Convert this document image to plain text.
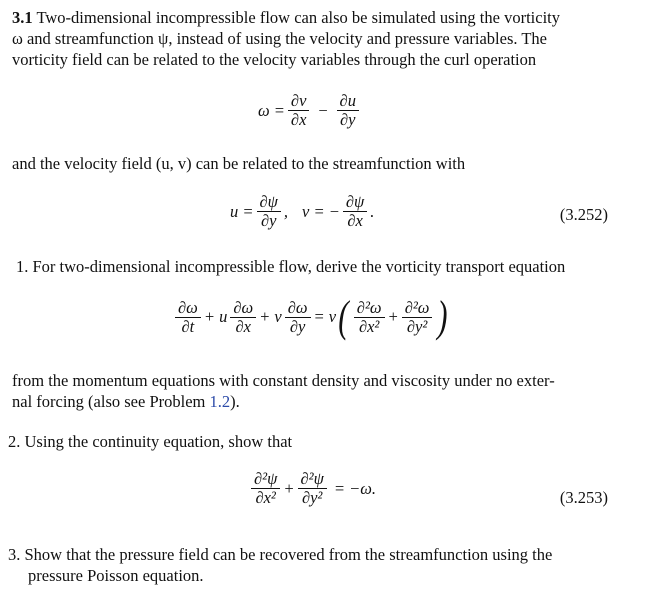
3.1 Two-dimensional incompressible flow can also be simulated using the vorticity
ω and streamfunction ψ, instead of using the velocity and pressure variables. The
vorticity field can be related to the velocity variables through the curl operation
$\omega = \frac{\partial v}{\partial x} - \frac{\partial u}{\partial y}$
and the velocity field (u, v) can be related to the streamfunction with
$u = \frac{\partial\psi}{\partial y}$ , v = − $\frac{\partial\psi}{\partial x}$ .	(3.252)
1. For two-dimensional incompressible flow, derive the vorticity transport equation
$\frac{\partial\omega}{\partial t} + u \frac{\partial\omega}{\partial x} + v \frac{\partial\omega}{\partial y} = \nu$ ( $\frac{\text{∂²ω}}{\text{∂x²}} + \frac{\text{∂²ω}}{\text{∂y²}}$ )
from the momentum equations with constant density and viscosity under no exter-
nal forcing (also see Problem 1.2).
2. Using the continuity equation, show that
$\frac{\text{∂²ψ}}{\text{∂x²}} + \frac{\text{∂²ψ}}{\text{∂y²}} = -\omega$.	(3.253)
3. Show that the pressure field can be recovered from the streamfunction using the
pressure Poisson equation.
